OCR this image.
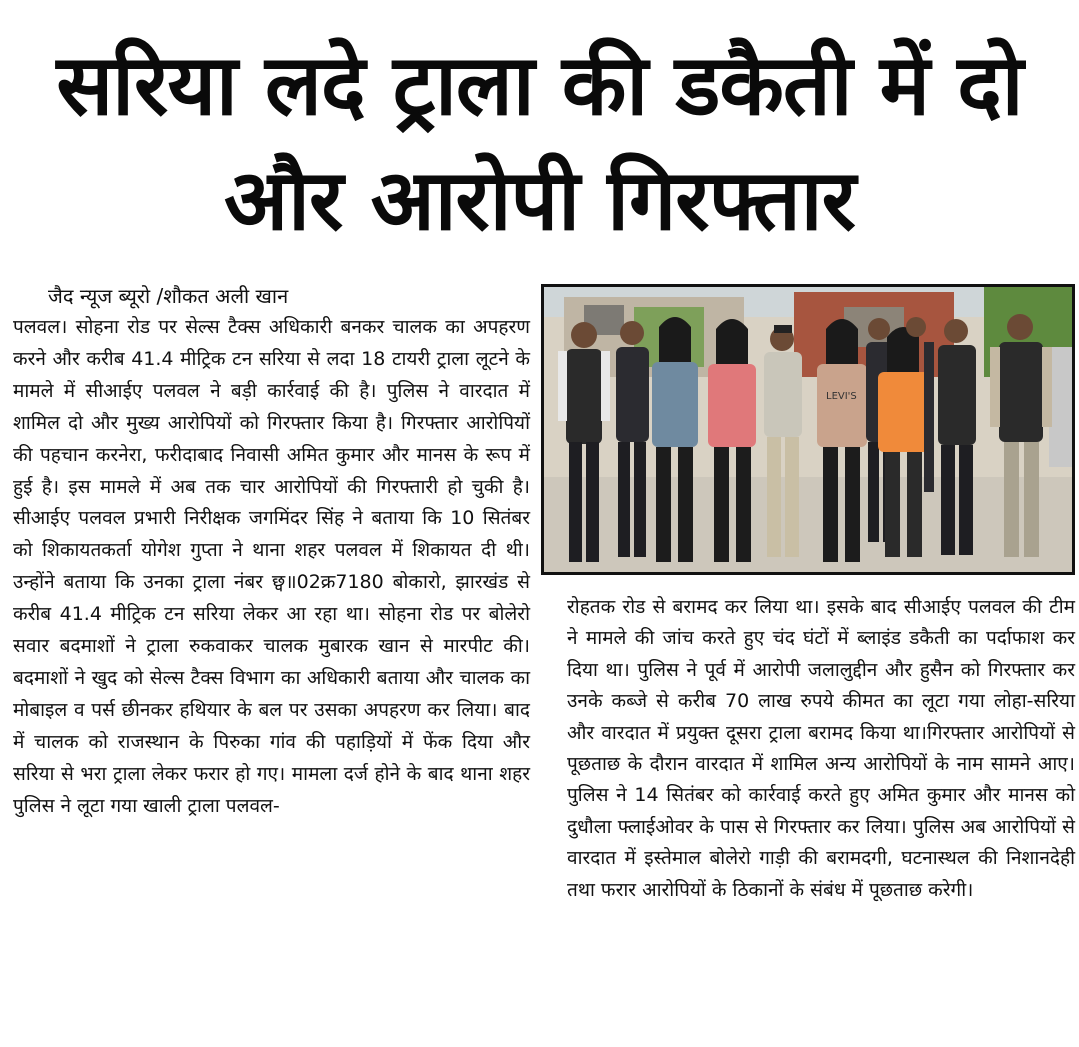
सरिया लदे ट्राला की डकैती में दो
और आरोपी गिरफ्तार
जैद न्यूज ब्यूरो /शौकत अली खान
पलवल। सोहना रोड पर सेल्स टैक्स अधिकारी बनकर चालक का अपहरण करने और करीब 41.4 मीट्रिक टन सरिया से लदा 18 टायरी ट्राला लूटने के मामले में सीआईए पलवल ने बड़ी कार्रवाई की है। पुलिस ने वारदात में शामिल दो और मुख्य आरोपियों को गिरफ्तार किया है। गिरफ्तार आरोपियों की पहचान करनेरा, फरीदाबाद निवासी अमित कुमार और मानस के रूप में हुई है। इस मामले में अब तक चार आरोपियों की गिरफ्तारी हो चुकी है। सीआईए पलवल प्रभारी निरीक्षक जगमिंदर सिंह ने बताया कि 10 सितंबर को शिकायतकर्ता योगेश गुप्ता ने थाना शहर पलवल में शिकायत दी थी। उन्होंने बताया कि उनका ट्राला नंबर छ्व॥02क्र7180 बोकारो, झारखंड से करीब 41.4 मीट्रिक टन सरिया लेकर आ रहा था। सोहना रोड पर बोलेरो सवार बदमाशों ने ट्राला रुकवाकर चालक मुबारक खान से मारपीट की। बदमाशों ने खुद को सेल्स टैक्स विभाग का अधिकारी बताया और चालक का मोबाइल व पर्स छीनकर हथियार के बल पर उसका अपहरण कर लिया। बाद में चालक को राजस्थान के पिरुका गांव की पहाड़ियों में फेंक दिया और सरिया से भरा ट्राला लेकर फरार हो गए। मामला दर्ज होने के बाद थाना शहर पुलिस ने लूटा गया खाली ट्राला पलवल-
LEVI'S
रोहतक रोड से बरामद कर लिया था। इसके बाद सीआईए पलवल की टीम ने मामले की जांच करते हुए चंद घंटों में ब्लाइंड डकैती का पर्दाफाश कर दिया था। पुलिस ने पूर्व में आरोपी जलालुद्दीन और हुसैन को गिरफ्तार कर उनके कब्जे से करीब 70 लाख रुपये कीमत का लूटा गया लोहा-सरिया और वारदात में प्रयुक्त दूसरा ट्राला बरामद किया था।गिरफ्तार आरोपियों से पूछताछ के दौरान वारदात में शामिल अन्य आरोपियों के नाम सामने आए। पुलिस ने 14 सितंबर को कार्रवाई करते हुए अमित कुमार और मानस को दुधौला फ्लाईओवर के पास से गिरफ्तार कर लिया। पुलिस अब आरोपियों से वारदात में इस्तेमाल बोलेरो गाड़ी की बरामदगी, घटनास्थल की निशानदेही तथा फरार आरोपियों के ठिकानों के संबंध में पूछताछ करेगी।
